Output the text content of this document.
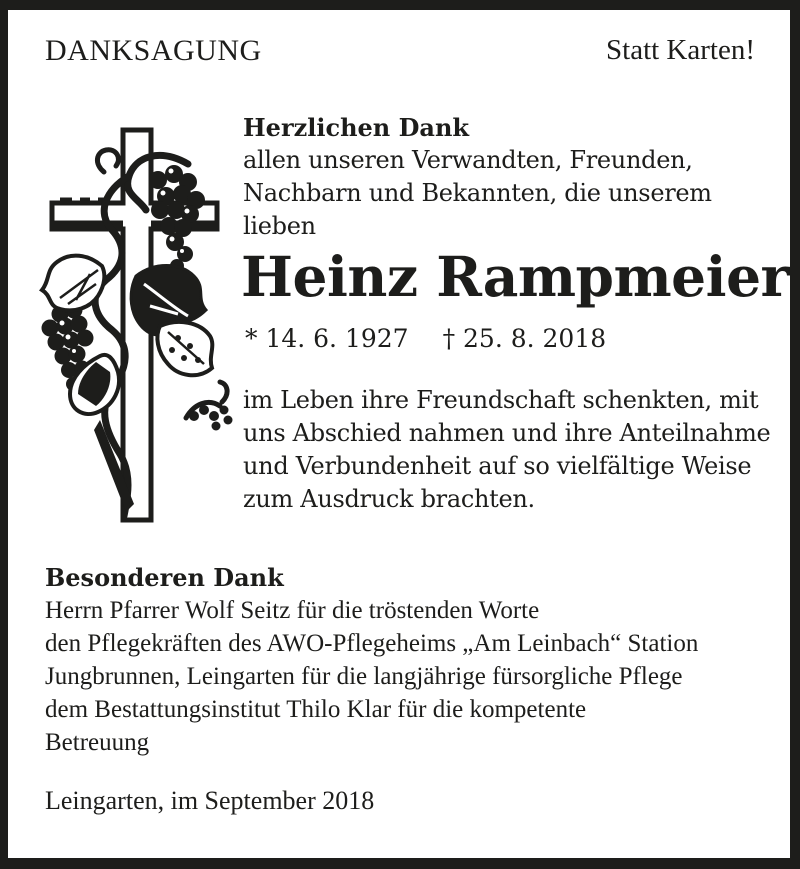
DANKSAGUNG	Statt Karten!
Herzlichen Dank
allen unseren Verwandten, Freunden,
Nachbarn und Bekannten, die unserem lieben
Heinz Rampmeier
* 14. 6. 1927 † 25. 8. 2018
im Leben ihre Freundschaft schenkten, mit
uns Abschied nahmen und ihre Anteilnahme
und Verbundenheit auf so vielfältige Weise
zum Ausdruck brachten.
Besonderen Dank
Herrn Pfarrer Wolf Seitz für die tröstenden Worte
den Pflegekräften des AWO-Pflegeheims „Am Leinbach“ Station
Jungbrunnen, Leingarten für die langjährige fürsorgliche Pflege
dem Bestattungsinstitut Thilo Klar für die kompetente
Betreuung
Leingarten, im September 2018
